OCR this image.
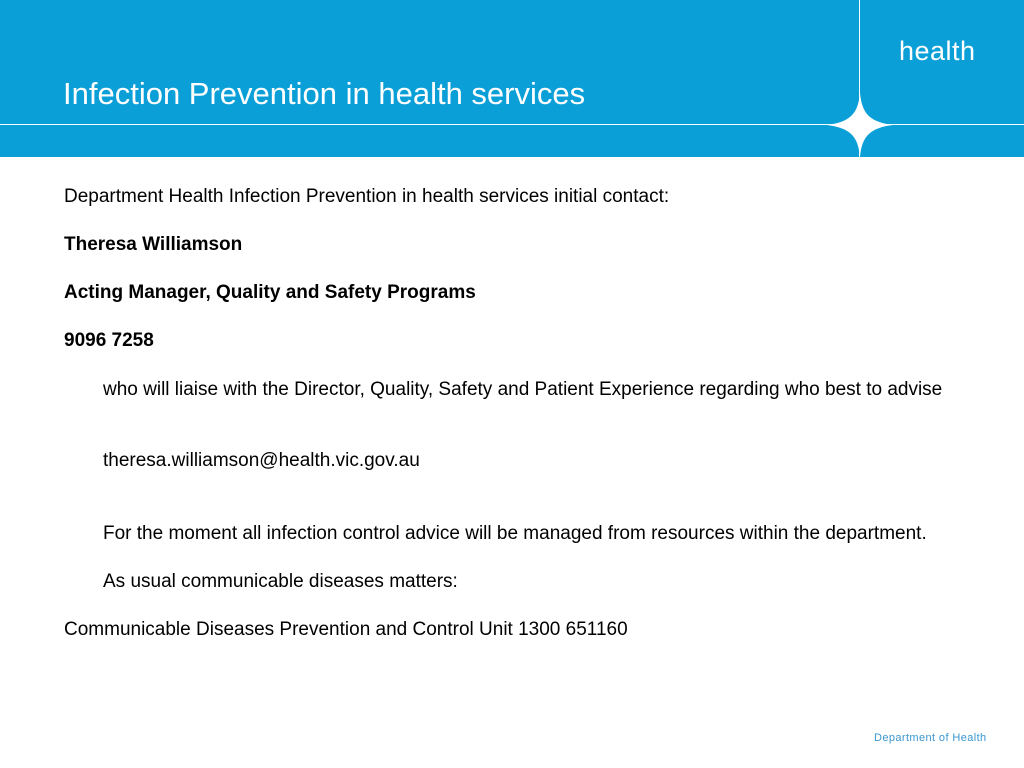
Infection Prevention in health services
health

Department Health Infection Prevention in health services initial contact:

Theresa Williamson

Acting Manager, Quality and Safety Programs

9096 7258

who will liaise with the Director, Quality, Safety and Patient Experience regarding who best to advise

theresa.williamson@health.vic.gov.au

For the moment all infection control advice will be managed from resources within the department.

As usual communicable diseases matters:

Communicable Diseases Prevention and Control Unit 1300 651160

Department of Health
